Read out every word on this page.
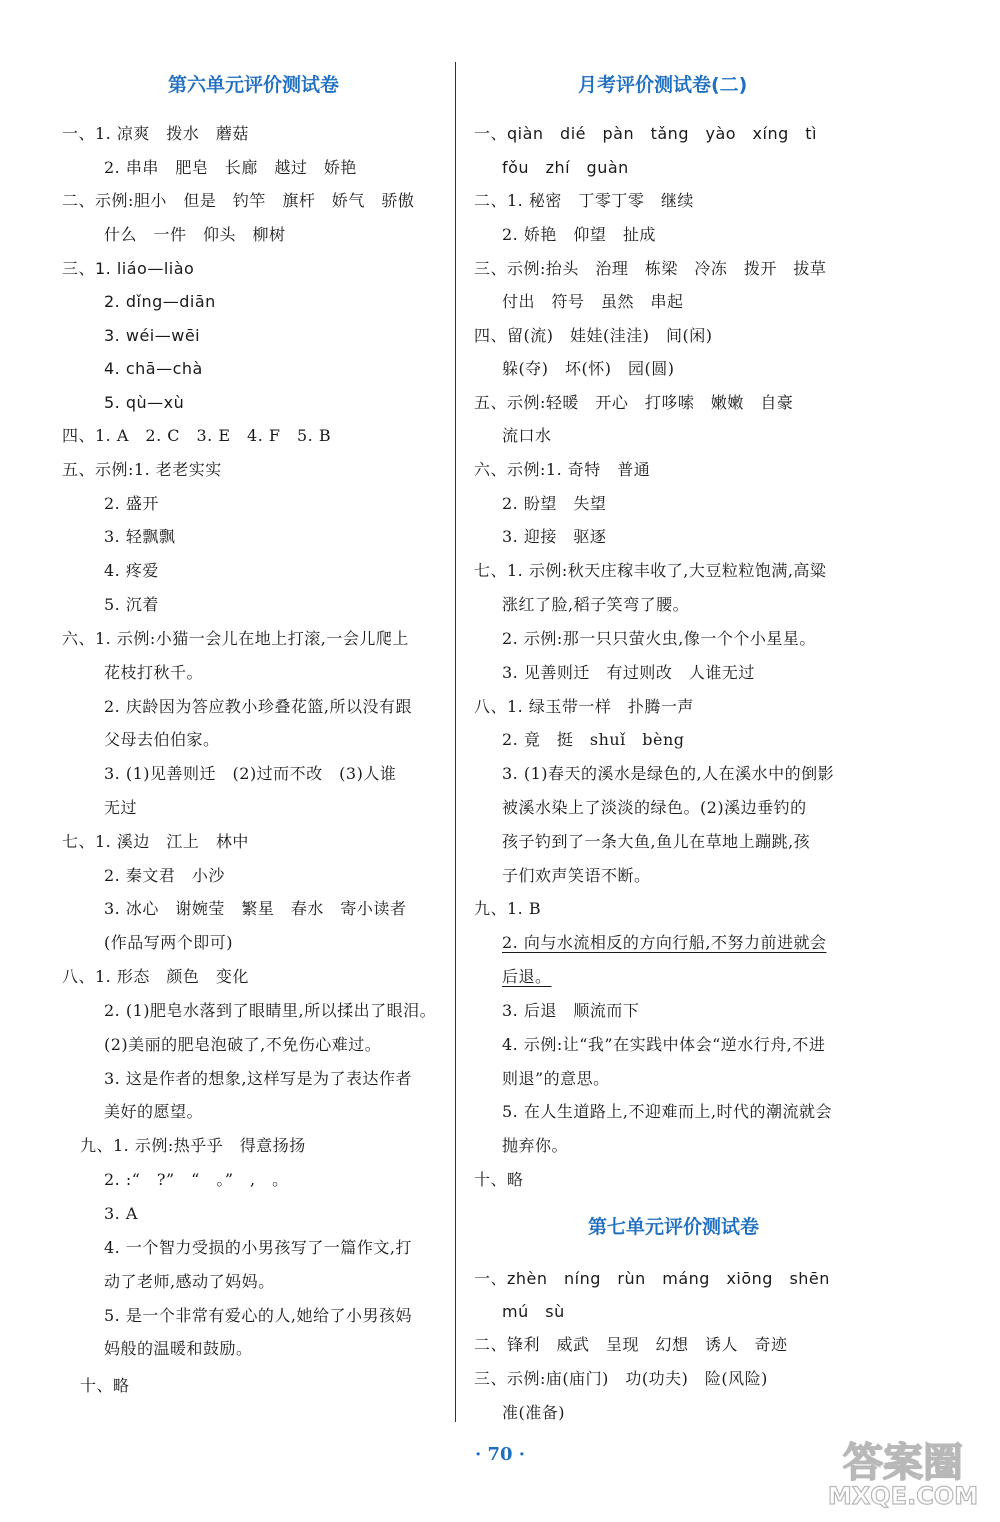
第六单元评价测试卷
一、1. 凉爽　拨水　蘑菇
2. 串串　肥皂　长廊　越过　娇艳
二、示例:胆小　但是　钓竿　旗杆　娇气　骄傲
什么　一件　仰头　柳树
三、1. liáo—liào
2. dǐng—diān
3. wéi—wēi
4. chā—chà
5. qù—xù
四、1. A　2. C　3. E　4. F　5. B
五、示例:1. 老老实实
2. 盛开
3. 轻飘飘
4. 疼爱
5. 沉着
六、1. 示例:小猫一会儿在地上打滚,一会儿爬上
花枝打秋千。
2. 庆龄因为答应教小珍叠花篮,所以没有跟
父母去伯伯家。
3. (1)见善则迁　(2)过而不改　(3)人谁
无过
七、1. 溪边　江上　林中
2. 秦文君　小沙
3. 冰心　谢婉莹　繁星　春水　寄小读者
(作品写两个即可)
八、1. 形态　颜色　变化
2. (1)肥皂水落到了眼睛里,所以揉出了眼泪。
(2)美丽的肥皂泡破了,不免伤心难过。
3. 这是作者的想象,这样写是为了表达作者
美好的愿望。
九、1. 示例:热乎乎　得意扬扬
2. :“　?”　“　。”　,　。
3. A
4. 一个智力受损的小男孩写了一篇作文,打
动了老师,感动了妈妈。
5. 是一个非常有爱心的人,她给了小男孩妈
妈般的温暖和鼓励。
十、略
月考评价测试卷(二)
一、qiàn　dié　pàn　tǎng　yào　xíng　tì
fǒu　zhí　guàn
二、1. 秘密　丁零丁零　继续
2. 娇艳　仰望　扯成
三、示例:抬头　治理　栋梁　冷冻　拨开　拔草
付出　符号　虽然　串起
四、留(流)　娃娃(洼洼)　间(闲)
躲(夺)　坏(怀)　园(圆)
五、示例:轻暖　开心　打哆嗦　嫩嫩　自豪
流口水
六、示例:1. 奇特　普通
2. 盼望　失望
3. 迎接　驱逐
七、1. 示例:秋天庄稼丰收了,大豆粒粒饱满,高粱
涨红了脸,稻子笑弯了腰。
2. 示例:那一只只萤火虫,像一个个小星星。
3. 见善则迁　有过则改　人谁无过
八、1. 绿玉带一样　扑腾一声
2. 竟　挺　shuǐ　bèng
3. (1)春天的溪水是绿色的,人在溪水中的倒影
被溪水染上了淡淡的绿色。(2)溪边垂钓的
孩子钓到了一条大鱼,鱼儿在草地上蹦跳,孩
子们欢声笑语不断。
九、1. B
2. 向与水流相反的方向行船,不努力前进就会
后退。
3. 后退　顺流而下
4. 示例:让“我”在实践中体会“逆水行舟,不进
则退”的意思。
5. 在人生道路上,不迎难而上,时代的潮流就会
抛弃你。
十、略
第七单元评价测试卷
一、zhèn　níng　rùn　máng　xiōng　shēn
mú　sù
二、锋利　威武　呈现　幻想　诱人　奇迹
三、示例:庙(庙门)　功(功夫)　险(风险)
准(准备)
· 70 ·	答案圈
MXQE.COM
